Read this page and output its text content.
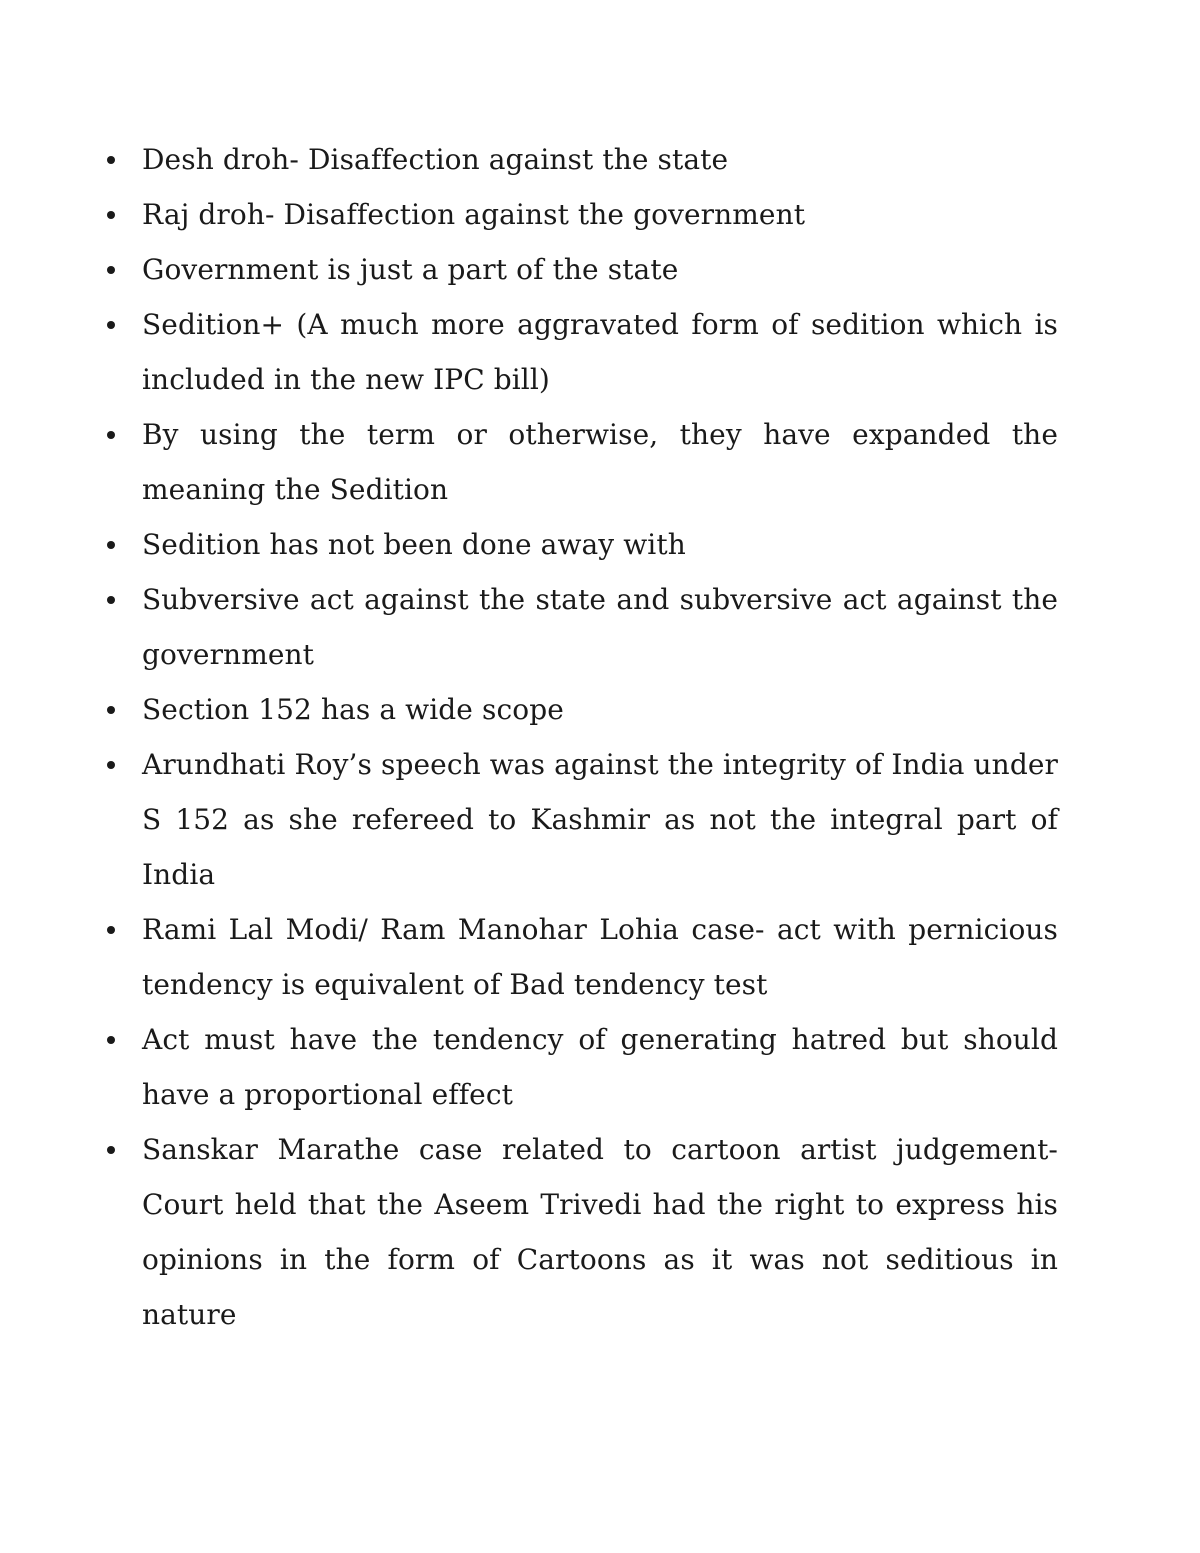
Desh droh- Disaffection against the state
Raj droh- Disaffection against the government
Government is just a part of the state
Sedition+ (A much more aggravated form of sedition which is included in the new IPC bill)
By using the term or otherwise, they have expanded the meaning the Sedition
Sedition has not been done away with
Subversive act against the state and subversive act against the government
Section 152 has a wide scope
Arundhati Roy’s speech was against the integrity of India under S 152 as she refereed to Kashmir as not the integral part of India
Rami Lal Modi/ Ram Manohar Lohia case- act with pernicious tendency is equivalent of Bad tendency test
Act must have the tendency of generating hatred but should have a proportional effect
Sanskar Marathe case related to cartoon artist judgement- Court held that the Aseem Trivedi had the right to express his opinions in the form of Cartoons as it was not seditious in nature
